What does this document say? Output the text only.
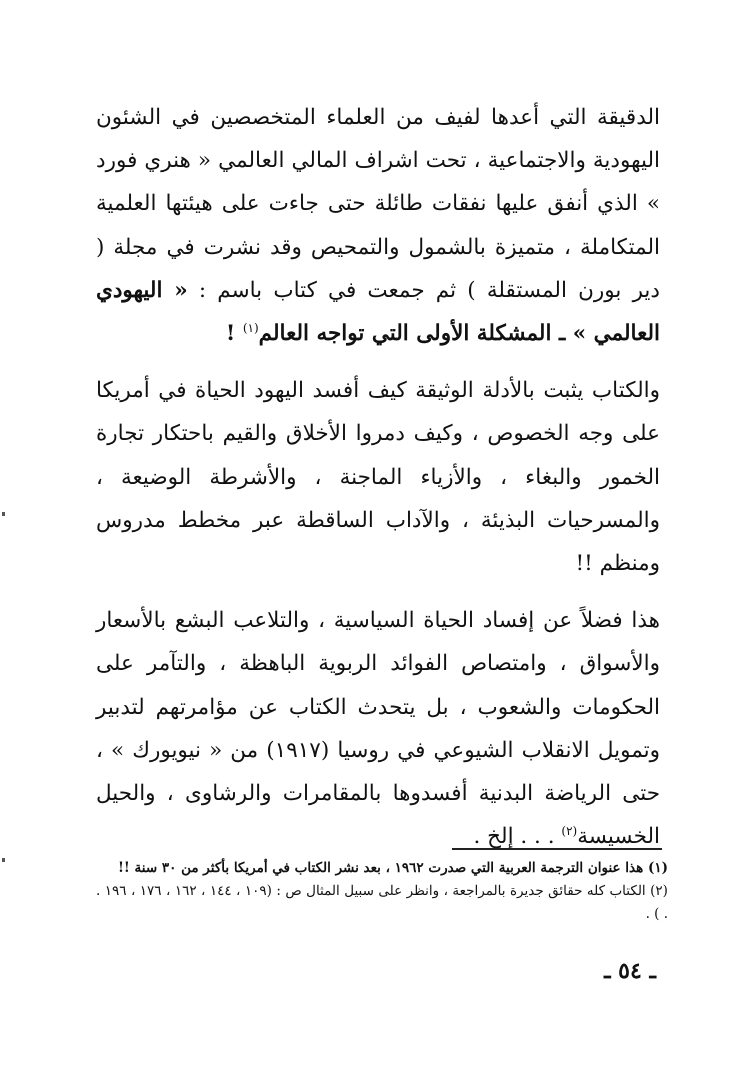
الدقيقة التي أعدها لفيف من العلماء المتخصصين في الشئون اليهودية والاجتماعية ، تحت اشراف المالي العالمي « هنري فورد » الذي أنفق عليها نفقات طائلة حتى جاءت على هيئتها العلمية المتكاملة ، متميزة بالشمول والتمحيص وقد نشرت في مجلة ( دير بورن المستقلة ) ثم جمعت في كتاب باسم : « اليهودي العالمي » ـ المشكلة الأولى التي تواجه العالم$^{(١)}$ !

والكتاب يثبت بالأدلة الوثيقة كيف أفسد اليهود الحياة في أمريكا على وجه الخصوص ، وكيف دمروا الأخلاق والقيم باحتكار تجارة الخمور والبغاء ، والأزياء الماجنة ، والأشرطة الوضيعة ، والمسرحيات البذيئة ، والآداب الساقطة عبر مخطط مدروس ومنظم !!

هذا فضلاً عن إفساد الحياة السياسية ، والتلاعب البشع بالأسعار والأسواق ، وامتصاص الفوائد الربوية الباهظة ، والتآمر على الحكومات والشعوب ، بل يتحدث الكتاب عن مؤامرتهم لتدبير وتمويل الانقلاب الشيوعي في روسيا (١٩١٧) من « نيويورك » ، حتى الرياضة البدنية أفسدوها بالمقامرات والرشاوى ، والحيل الخسيسة$^{(٢)}$ . . . إلخ .

(١) هذا عنوان الترجمة العربية التي صدرت ١٩٦٢ ، بعد نشر الكتاب في أمريكا بأكثر من ٣٠ سنة !!

(٢) الكتاب كله حقائق جديرة بالمراجعة ، وانظر على سبيل المثال ص : (١٠٩ ، ١٤٤ ، ١٦٢ ، ١٧٦ ، ١٩٦ . . ) .

ـ ٥٤ ـ
